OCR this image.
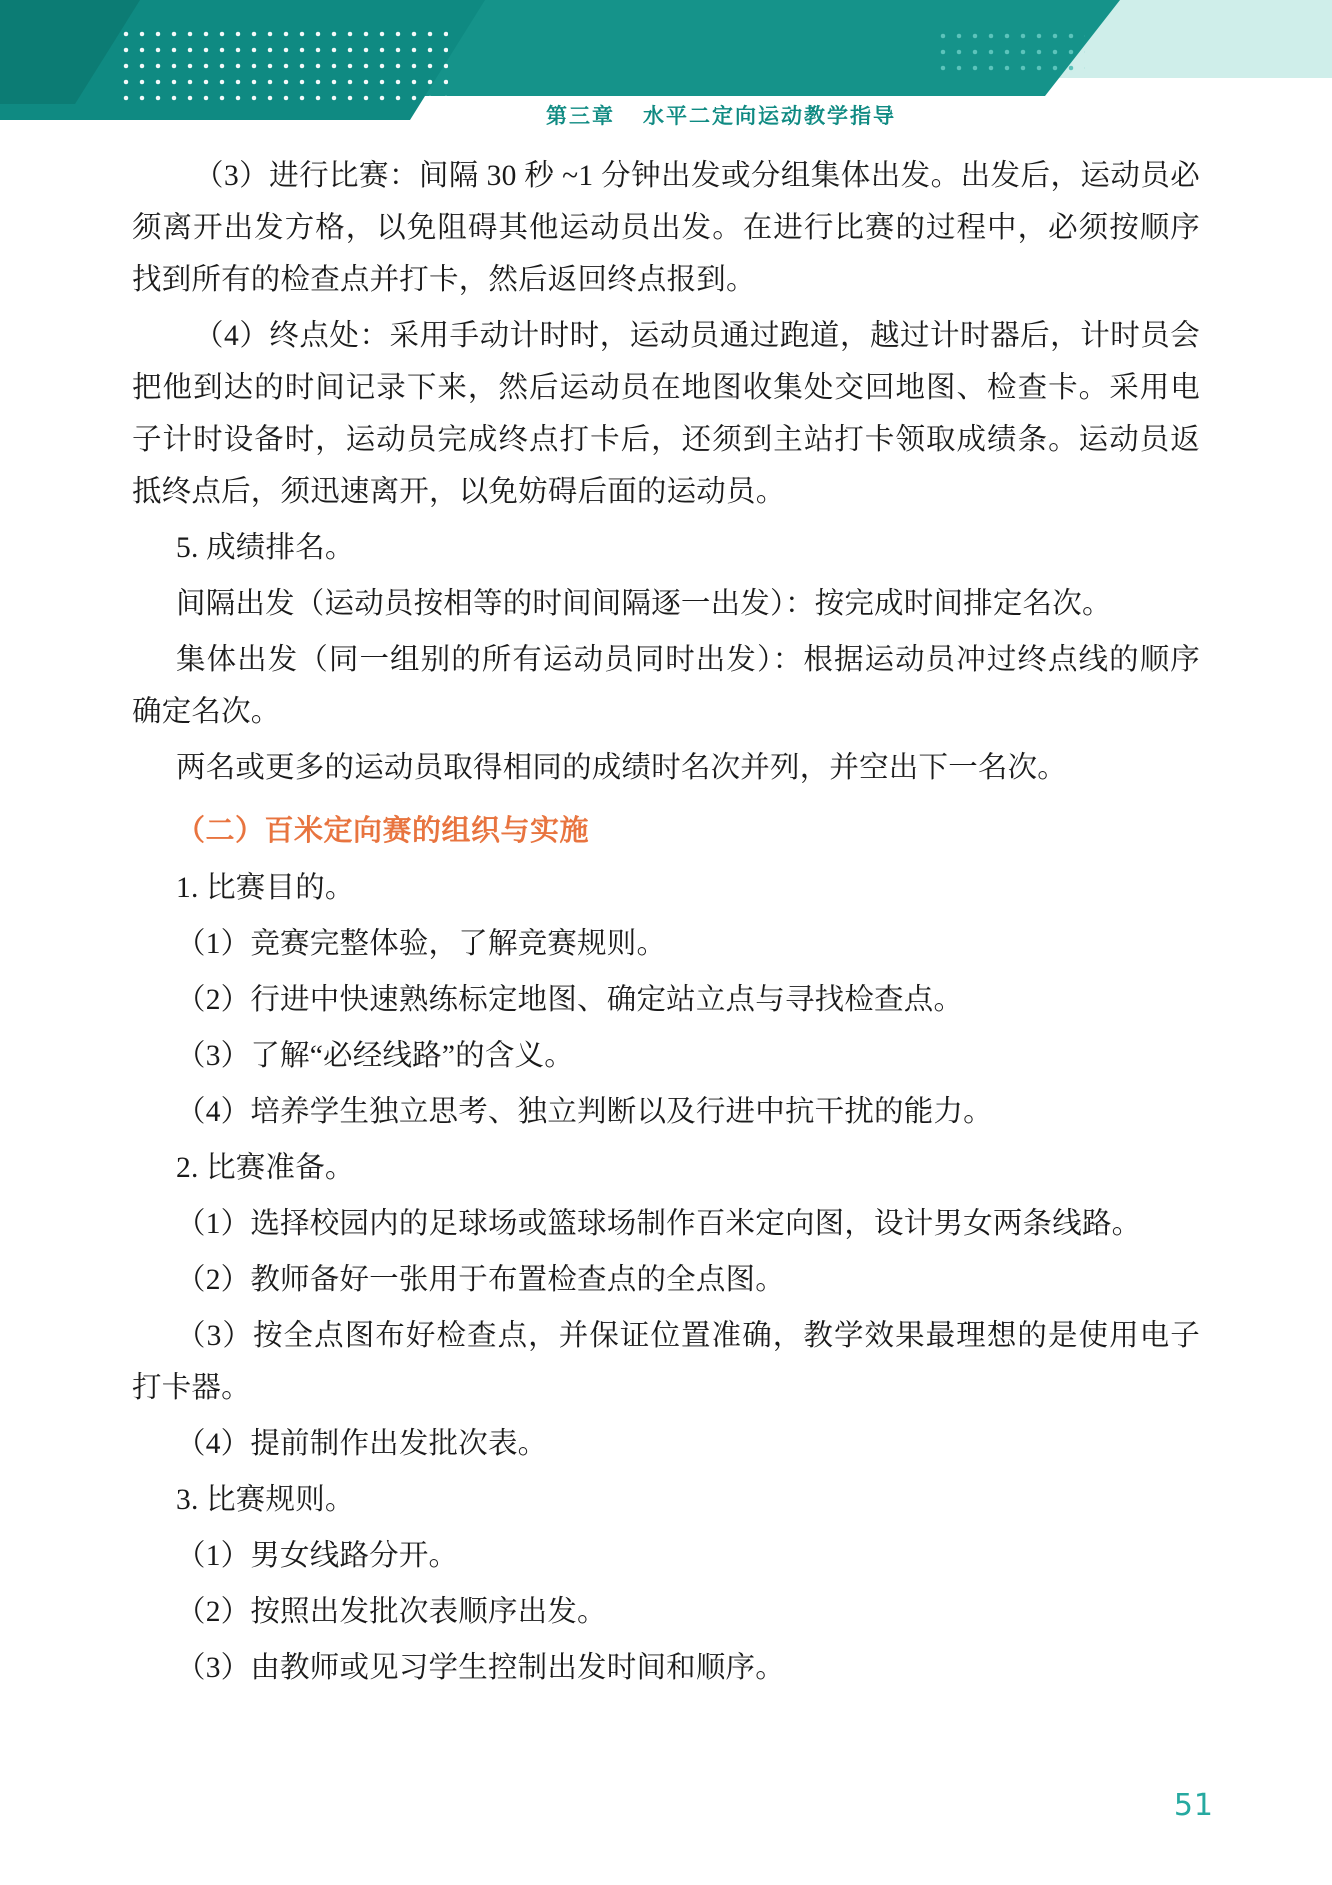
第三章 水平二定向运动教学指导

（3）进行比赛：间隔 30 秒 ~1 分钟出发或分组集体出发。出发后，运动员必须离开出发方格，以免阻碍其他运动员出发。在进行比赛的过程中，必须按顺序找到所有的检查点并打卡，然后返回终点报到。

（4）终点处：采用手动计时时，运动员通过跑道，越过计时器后，计时员会把他到达的时间记录下来，然后运动员在地图收集处交回地图、检查卡。采用电子计时设备时，运动员完成终点打卡后，还须到主站打卡领取成绩条。运动员返抵终点后，须迅速离开，以免妨碍后面的运动员。

5. 成绩排名。

间隔出发（运动员按相等的时间间隔逐一出发）：按完成时间排定名次。

集体出发（同一组别的所有运动员同时出发）：根据运动员冲过终点线的顺序确定名次。

两名或更多的运动员取得相同的成绩时名次并列，并空出下一名次。

（二）百米定向赛的组织与实施

1. 比赛目的。

（1）竞赛完整体验，了解竞赛规则。

（2）行进中快速熟练标定地图、确定站立点与寻找检查点。

（3）了解“必经线路”的含义。

（4）培养学生独立思考、独立判断以及行进中抗干扰的能力。

2. 比赛准备。

（1）选择校园内的足球场或篮球场制作百米定向图，设计男女两条线路。

（2）教师备好一张用于布置检查点的全点图。

（3）按全点图布好检查点，并保证位置准确，教学效果最理想的是使用电子打卡器。

（4）提前制作出发批次表。

3. 比赛规则。

（1）男女线路分开。

（2）按照出发批次表顺序出发。

（3）由教师或见习学生控制出发时间和顺序。

51
